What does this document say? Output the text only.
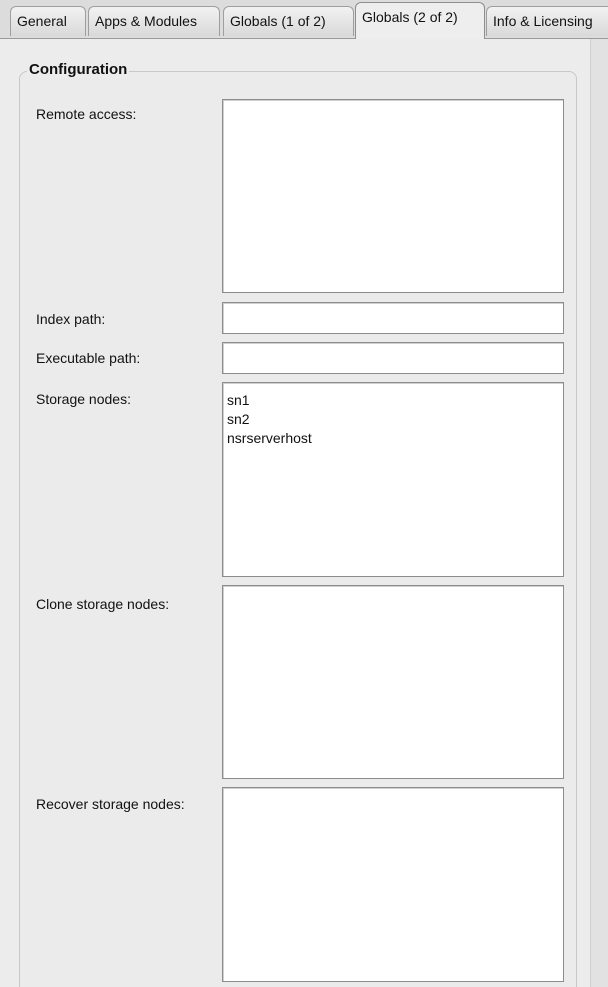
General	Apps & Modules	Globals (1 of 2)	Globals (2 of 2)	Info & Licensing
Configuration
Remote access:
Index path:
Executable path:
Storage nodes:	sn1
sn2
nsrserverhost
Clone storage nodes:
Recover storage nodes:
